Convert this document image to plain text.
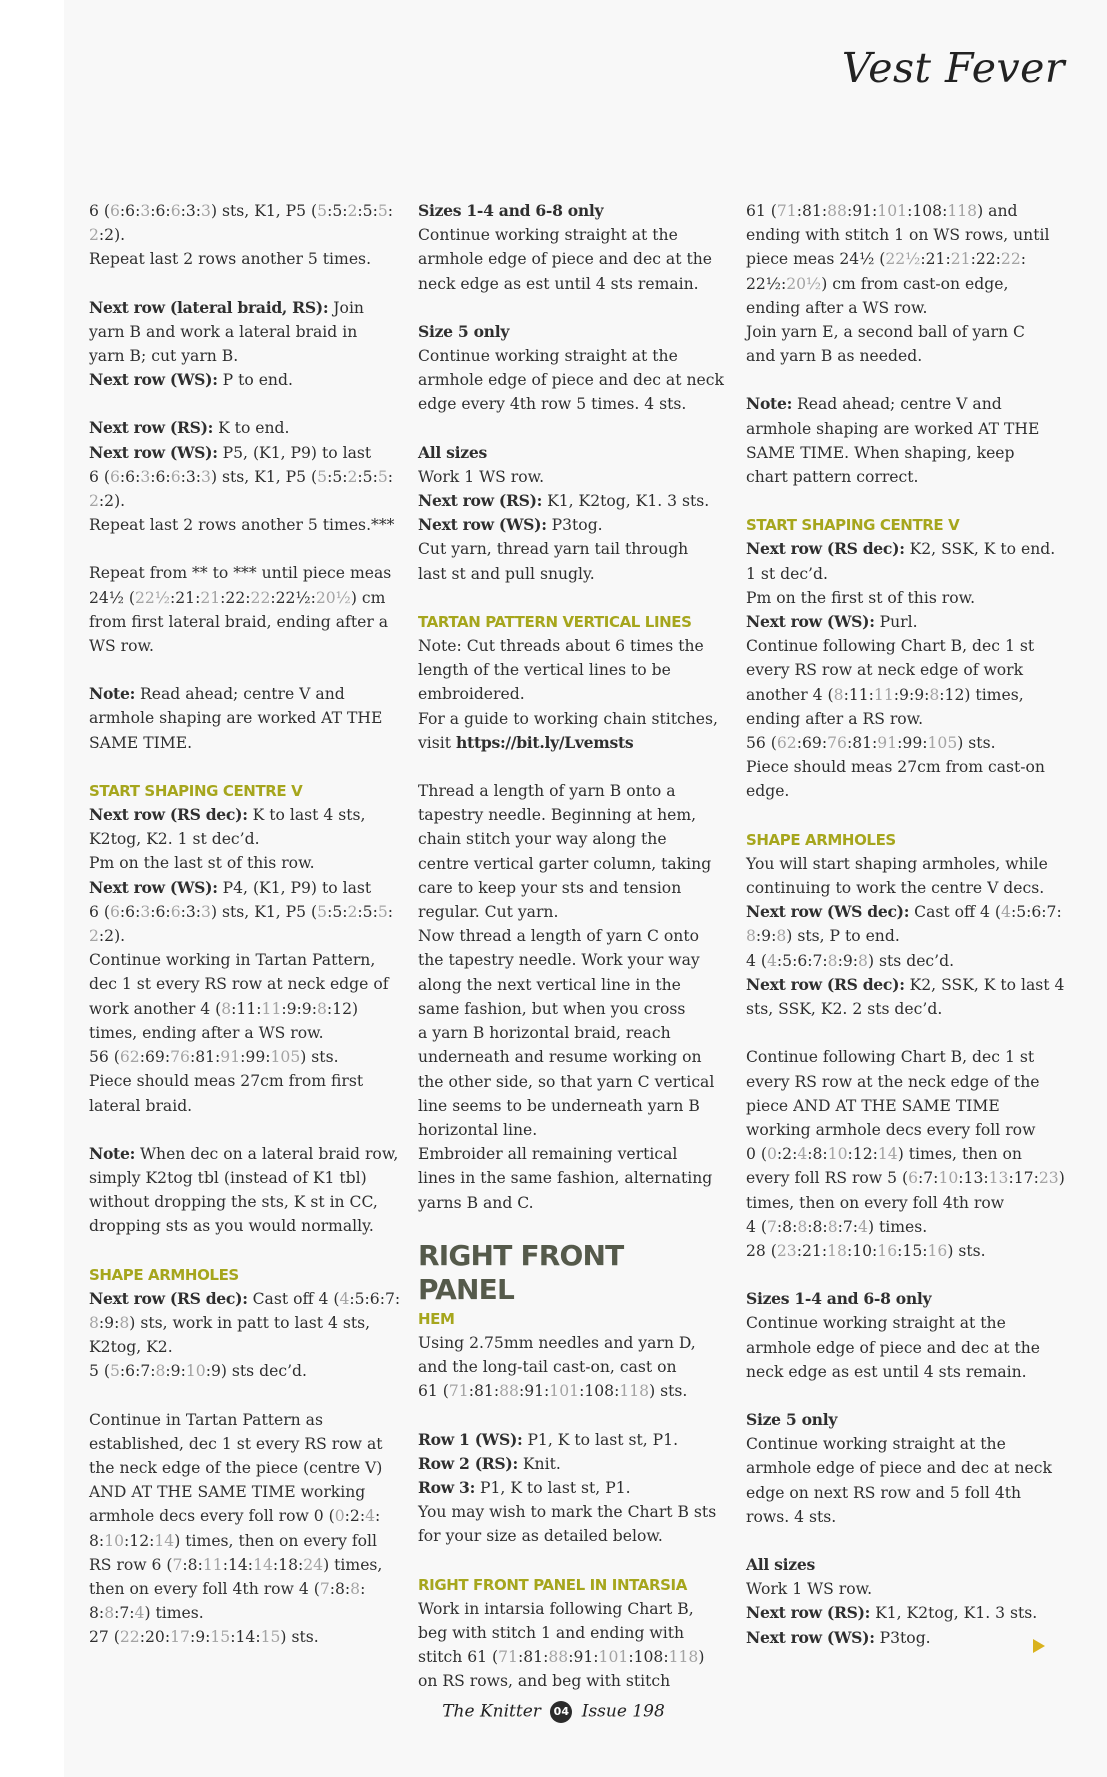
Vest Fever
6 (6:6:3:6:6:3:3) sts, K1, P5 (5:5:2:5:5:
2:2).
Repeat last 2 rows another 5 times.
Next row (lateral braid, RS): Join
yarn B and work a lateral braid in
yarn B; cut yarn B.
Next row (WS): P to end.
Next row (RS): K to end.
Next row (WS): P5, (K1, P9) to last
6 (6:6:3:6:6:3:3) sts, K1, P5 (5:5:2:5:5:
2:2).
Repeat last 2 rows another 5 times.***
Repeat from ** to *** until piece meas
24½ (22½:21:21:22:22:22½:20½) cm
from first lateral braid, ending after a
WS row.
Note: Read ahead; centre V and
armhole shaping are worked AT THE
SAME TIME.
START SHAPING CENTRE V
Next row (RS dec): K to last 4 sts,
K2tog, K2. 1 st dec’d.
Pm on the last st of this row.
Next row (WS): P4, (K1, P9) to last
6 (6:6:3:6:6:3:3) sts, K1, P5 (5:5:2:5:5:
2:2).
Continue working in Tartan Pattern,
dec 1 st every RS row at neck edge of
work another 4 (8:11:11:9:9:8:12)
times, ending after a WS row.
56 (62:69:76:81:91:99:105) sts.
Piece should meas 27cm from first
lateral braid.
Note: When dec on a lateral braid row,
simply K2tog tbl (instead of K1 tbl)
without dropping the sts, K st in CC,
dropping sts as you would normally.
SHAPE ARMHOLES
Next row (RS dec): Cast off 4 (4:5:6:7:
8:9:8) sts, work in patt to last 4 sts,
K2tog, K2.
5 (5:6:7:8:9:10:9) sts dec’d.
Continue in Tartan Pattern as
established, dec 1 st every RS row at
the neck edge of the piece (centre V)
AND AT THE SAME TIME working
armhole decs every foll row 0 (0:2:4:
8:10:12:14) times, then on every foll
RS row 6 (7:8:11:14:14:18:24) times,
then on every foll 4th row 4 (7:8:8:
8:8:7:4) times.
27 (22:20:17:9:15:14:15) sts.
Sizes 1-4 and 6-8 only
Continue working straight at the
armhole edge of piece and dec at the
neck edge as est until 4 sts remain.
Size 5 only
Continue working straight at the
armhole edge of piece and dec at neck
edge every 4th row 5 times. 4 sts.
All sizes
Work 1 WS row.
Next row (RS): K1, K2tog, K1. 3 sts.
Next row (WS): P3tog.
Cut yarn, thread yarn tail through
last st and pull snugly.
TARTAN PATTERN VERTICAL LINES
Note: Cut threads about 6 times the
length of the vertical lines to be
embroidered.
For a guide to working chain stitches,
visit https://bit.ly/Lvemsts
Thread a length of yarn B onto a
tapestry needle. Beginning at hem,
chain stitch your way along the
centre vertical garter column, taking
care to keep your sts and tension
regular. Cut yarn.
Now thread a length of yarn C onto
the tapestry needle. Work your way
along the next vertical line in the
same fashion, but when you cross
a yarn B horizontal braid, reach
underneath and resume working on
the other side, so that yarn C vertical
line seems to be underneath yarn B
horizontal line.
Embroider all remaining vertical
lines in the same fashion, alternating
yarns B and C.
RIGHT FRONT PANEL
HEM
Using 2.75mm needles and yarn D,
and the long-tail cast-on, cast on
61 (71:81:88:91:101:108:118) sts.
Row 1 (WS): P1, K to last st, P1.
Row 2 (RS): Knit.
Row 3: P1, K to last st, P1.
You may wish to mark the Chart B sts
for your size as detailed below.
RIGHT FRONT PANEL IN INTARSIA
Work in intarsia following Chart B,
beg with stitch 1 and ending with
stitch 61 (71:81:88:91:101:108:118)
on RS rows, and beg with stitch
61 (71:81:88:91:101:108:118) and
ending with stitch 1 on WS rows, until
piece meas 24½ (22½:21:21:22:22:
22½:20½) cm from cast-on edge,
ending after a WS row.
Join yarn E, a second ball of yarn C
and yarn B as needed.
Note: Read ahead; centre V and
armhole shaping are worked AT THE
SAME TIME. When shaping, keep
chart pattern correct.
START SHAPING CENTRE V
Next row (RS dec): K2, SSK, K to end.
1 st dec’d.
Pm on the first st of this row.
Next row (WS): Purl.
Continue following Chart B, dec 1 st
every RS row at neck edge of work
another 4 (8:11:11:9:9:8:12) times,
ending after a RS row.
56 (62:69:76:81:91:99:105) sts.
Piece should meas 27cm from cast-on
edge.
SHAPE ARMHOLES
You will start shaping armholes, while
continuing to work the centre V decs.
Next row (WS dec): Cast off 4 (4:5:6:7:
8:9:8) sts, P to end.
4 (4:5:6:7:8:9:8) sts dec’d.
Next row (RS dec): K2, SSK, K to last 4
sts, SSK, K2. 2 sts dec’d.
Continue following Chart B, dec 1 st
every RS row at the neck edge of the
piece AND AT THE SAME TIME
working armhole decs every foll row
0 (0:2:4:8:10:12:14) times, then on
every foll RS row 5 (6:7:10:13:13:17:23)
times, then on every foll 4th row
4 (7:8:8:8:8:7:4) times.
28 (23:21:18:10:16:15:16) sts.
Sizes 1-4 and 6-8 only
Continue working straight at the
armhole edge of piece and dec at the
neck edge as est until 4 sts remain.
Size 5 only
Continue working straight at the
armhole edge of piece and dec at neck
edge on next RS row and 5 foll 4th
rows. 4 sts.
All sizes
Work 1 WS row.
Next row (RS): K1, K2tog, K1. 3 sts.
Next row (WS): P3tog.
The Knitter 04 Issue 198
